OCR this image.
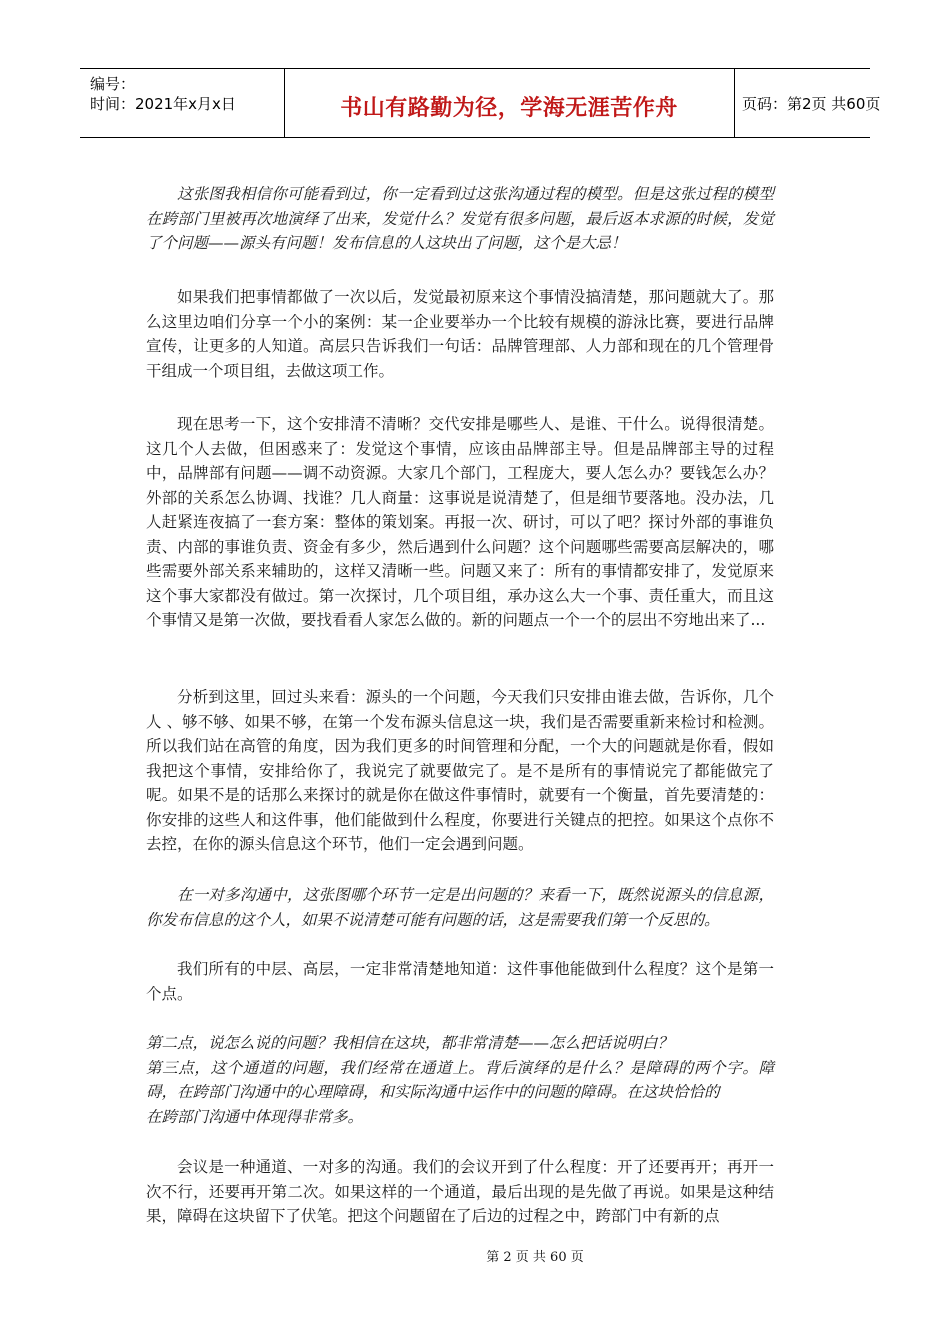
编号：
时间：2021年x月x日	书山有路勤为径，学海无涯苦作舟	页码：第2页 共60页

这张图我相信你可能看到过，你一定看到过这张沟通过程的模型。但是这张过程的模型在跨部门里被再次地演绎了出来，发觉什么？发觉有很多问题，最后返本求源的时候，发觉了个问题——源头有问题！发布信息的人这块出了问题，这个是大忌！

如果我们把事情都做了一次以后，发觉最初原来这个事情没搞清楚，那问题就大了。那么这里边咱们分享一个小的案例：某一企业要举办一个比较有规模的游泳比赛，要进行品牌宣传，让更多的人知道。高层只告诉我们一句话：品牌管理部、人力部和现在的几个管理骨干组成一个项目组，去做这项工作。

现在思考一下，这个安排清不清晰？交代安排是哪些人、是谁、干什么。说得很清楚。这几个人去做，但困惑来了：发觉这个事情，应该由品牌部主导。但是品牌部主导的过程中，品牌部有问题——调不动资源。大家几个部门，工程庞大，要人怎么办？要钱怎么办？外部的关系怎么协调、找谁？几人商量：这事说是说清楚了，但是细节要落地。没办法，几人赶紧连夜搞了一套方案：整体的策划案。再报一次、研讨，可以了吧？探讨外部的事谁负责、内部的事谁负责、资金有多少，然后遇到什么问题？这个问题哪些需要高层解决的，哪些需要外部关系来辅助的，这样又清晰一些。问题又来了：所有的事情都安排了，发觉原来这个事大家都没有做过。第一次探讨，几个项目组，承办这么大一个事、责任重大，而且这个事情又是第一次做，要找看看人家怎么做的。新的问题点一个一个的层出不穷地出来了...

分析到这里，回过头来看：源头的一个问题，今天我们只安排由谁去做，告诉你，几个人 、够不够、如果不够，在第一个发布源头信息这一块，我们是否需要重新来检讨和检测。所以我们站在高管的角度，因为我们更多的时间管理和分配，一个大的问题就是你看，假如我把这个事情，安排给你了，我说完了就要做完了。是不是所有的事情说完了都能做完了呢。如果不是的话那么来探讨的就是你在做这件事情时，就要有一个衡量，首先要清楚的：你安排的这些人和这件事，他们能做到什么程度，你要进行关键点的把控。如果这个点你不去控，在你的源头信息这个环节，他们一定会遇到问题。

在一对多沟通中，这张图哪个环节一定是出问题的？来看一下，既然说源头的信息源，你发布信息的这个人，如果不说清楚可能有问题的话，这是需要我们第一个反思的。

我们所有的中层、高层，一定非常清楚地知道：这件事他能做到什么程度？这个是第一个点。

第二点，说怎么说的问题？我相信在这块，都非常清楚——怎么把话说明白？

第三点，这个通道的问题，我们经常在通道上。背后演绎的是什么？是障碍的两个字。障碍，在跨部门沟通中的心理障碍，和实际沟通中运作中的问题的障碍。在这块恰恰的

在跨部门沟通中体现得非常多。

会议是一种通道、一对多的沟通。我们的会议开到了什么程度：开了还要再开；再开一次不行，还要再开第二次。如果这样的一个通道，最后出现的是先做了再说。如果是这种结果，障碍在这块留下了伏笔。把这个问题留在了后边的过程之中，跨部门中有新的点

第 2 页 共 60 页
